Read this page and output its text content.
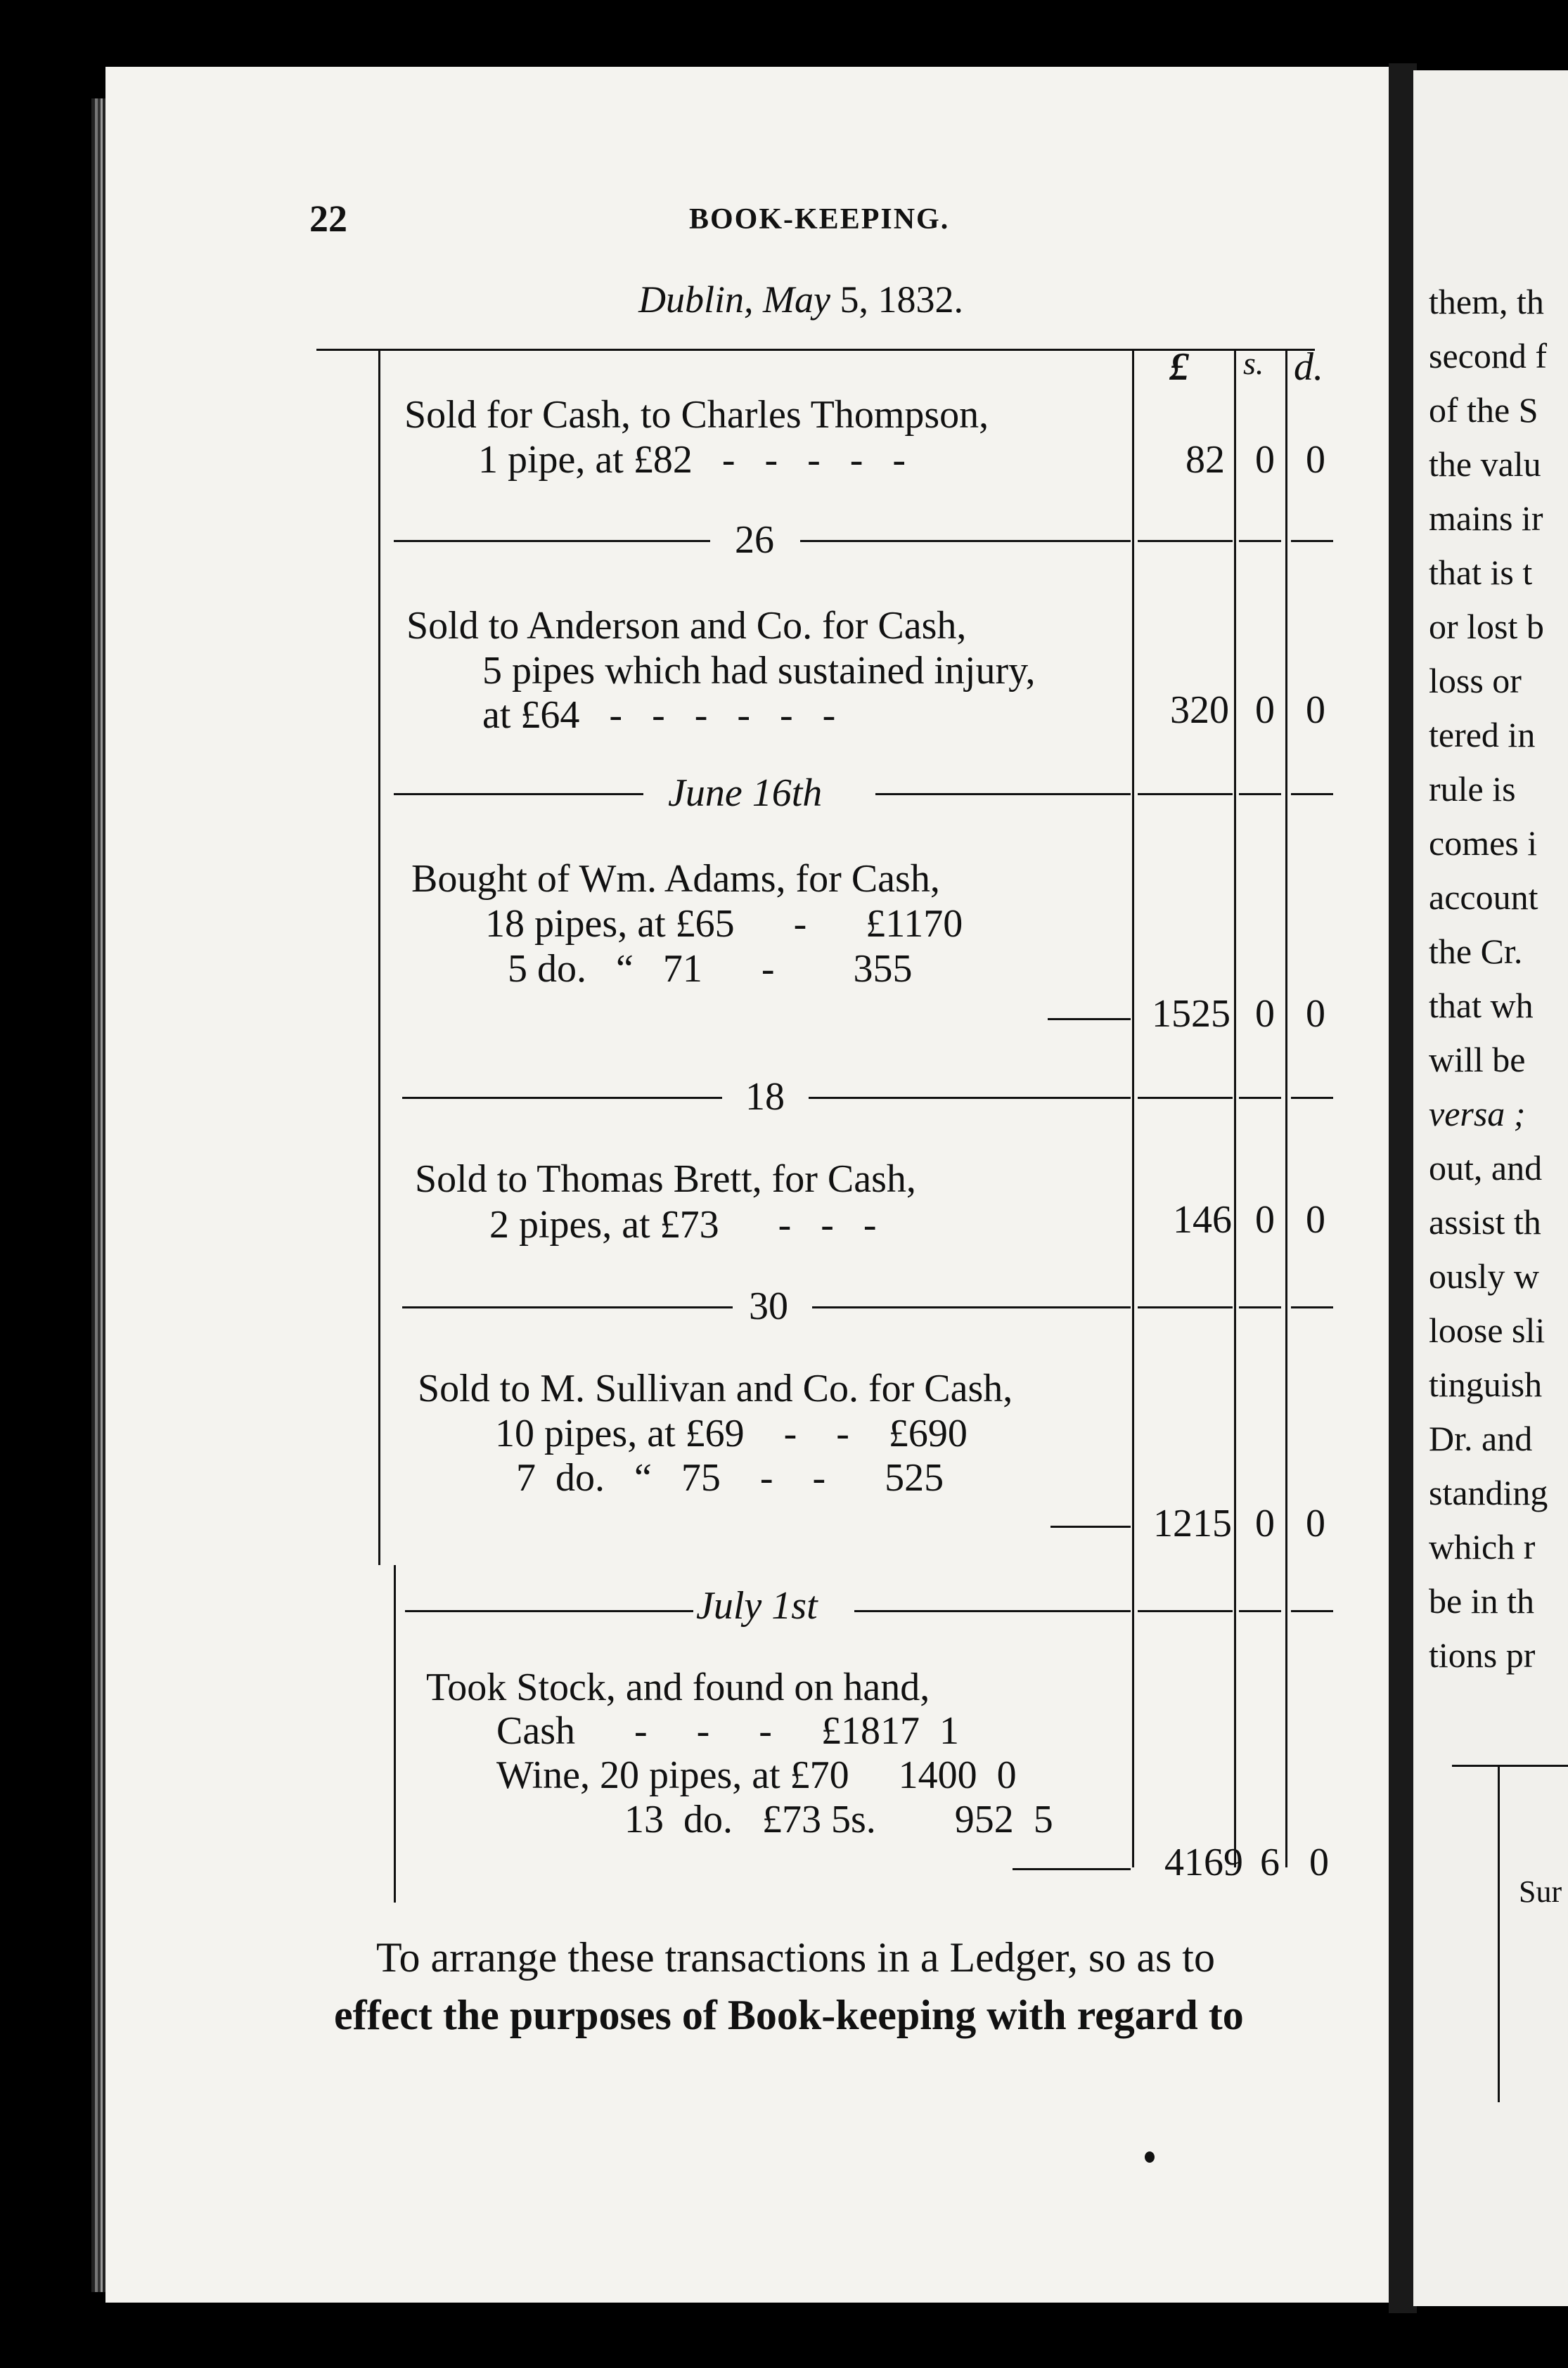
them, th
second f
of the S
the valu
mains ir
that is t
or lost b
loss or
tered in
rule is
comes i
account
the Cr.
that wh
will be
versa ;
out, and
assist th
ously w
loose sli
tinguish
Dr. and
standing
which r
be in th
tions pr
Sur
22	BOOK-KEEPING.
Dublin, May 5, 1832.
£ s. d.
Sold for Cash, to Charles Thompson,
1 pipe, at £82   -   -   -   -   -	82 0 0
26
Sold to Anderson and Co. for Cash,
5 pipes which had sustained injury,
at £64   -   -   -   -   -   -	320 0 0
June 16th
Bought of Wm. Adams, for Cash,
18 pipes, at £65      -      £1170
5 do.   “   71      -        355
1525 0 0
18
Sold to Thomas Brett, for Cash,
2 pipes, at £73      -   -   -	146 0 0
30
Sold to M. Sullivan and Co. for Cash,
10 pipes, at £69    -    -    £690
7  do.   “   75    -    -      525
1215 0 0
July 1st
Took Stock, and found on hand,
Cash      -     -     -     £1817  1
Wine, 20 pipes, at £70     1400  0
13  do.   £73 5s.        952  5
4169 6 0
To arrange these transactions in a Ledger, so as to
effect the purposes of Book-keeping with regard to
